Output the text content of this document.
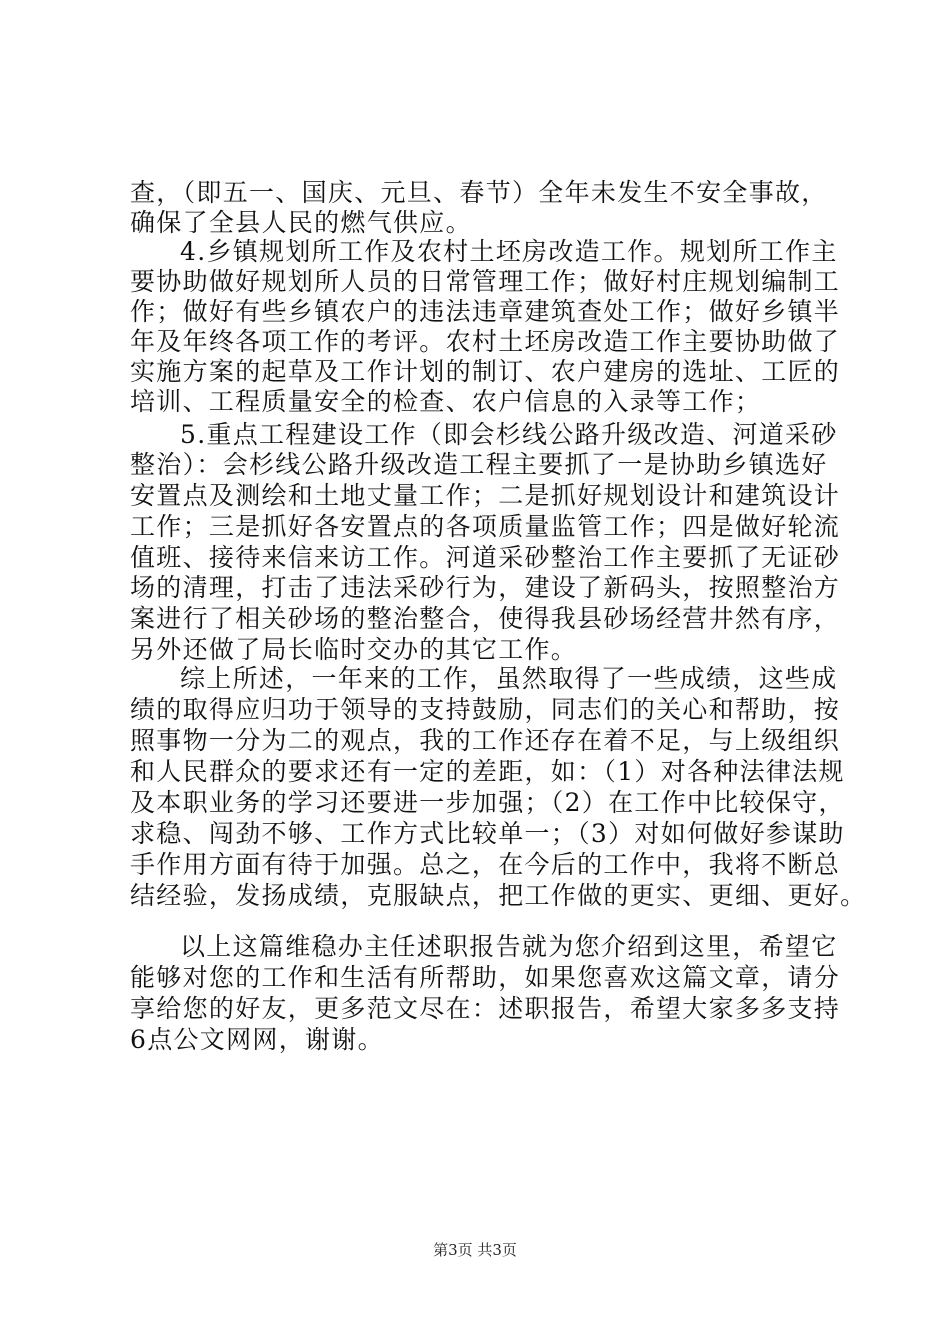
查，（即五一、国庆、元旦、春节）全年未发生不安全事故，
确保了全县人民的燃气供应。
4.乡镇规划所工作及农村土坯房改造工作。规划所工作主
要协助做好规划所人员的日常管理工作；做好村庄规划编制工
作；做好有些乡镇农户的违法违章建筑查处工作；做好乡镇半
年及年终各项工作的考评。农村土坯房改造工作主要协助做了
实施方案的起草及工作计划的制订、农户建房的选址、工匠的
培训、工程质量安全的检查、农户信息的入录等工作；
5.重点工程建设工作（即会杉线公路升级改造、河道采砂
整治）：会杉线公路升级改造工程主要抓了一是协助乡镇选好
安置点及测绘和土地丈量工作；二是抓好规划设计和建筑设计
工作；三是抓好各安置点的各项质量监管工作；四是做好轮流
值班、接待来信来访工作。河道采砂整治工作主要抓了无证砂
场的清理，打击了违法采砂行为，建设了新码头，按照整治方
案进行了相关砂场的整治整合，使得我县砂场经营井然有序，
另外还做了局长临时交办的其它工作。
综上所述，一年来的工作，虽然取得了一些成绩，这些成
绩的取得应归功于领导的支持鼓励，同志们的关心和帮助，按
照事物一分为二的观点，我的工作还存在着不足，与上级组织
和人民群众的要求还有一定的差距，如：（1）对各种法律法规
及本职业务的学习还要进一步加强；（2）在工作中比较保守，
求稳、闯劲不够、工作方式比较单一；（3）对如何做好参谋助
手作用方面有待于加强。总之，在今后的工作中，我将不断总
结经验，发扬成绩，克服缺点，把工作做的更实、更细、更好。
以上这篇维稳办主任述职报告就为您介绍到这里，希望它
能够对您的工作和生活有所帮助，如果您喜欢这篇文章，请分
享给您的好友，更多范文尽在：述职报告，希望大家多多支持
6点公文网网，谢谢。
第3页 共3页
